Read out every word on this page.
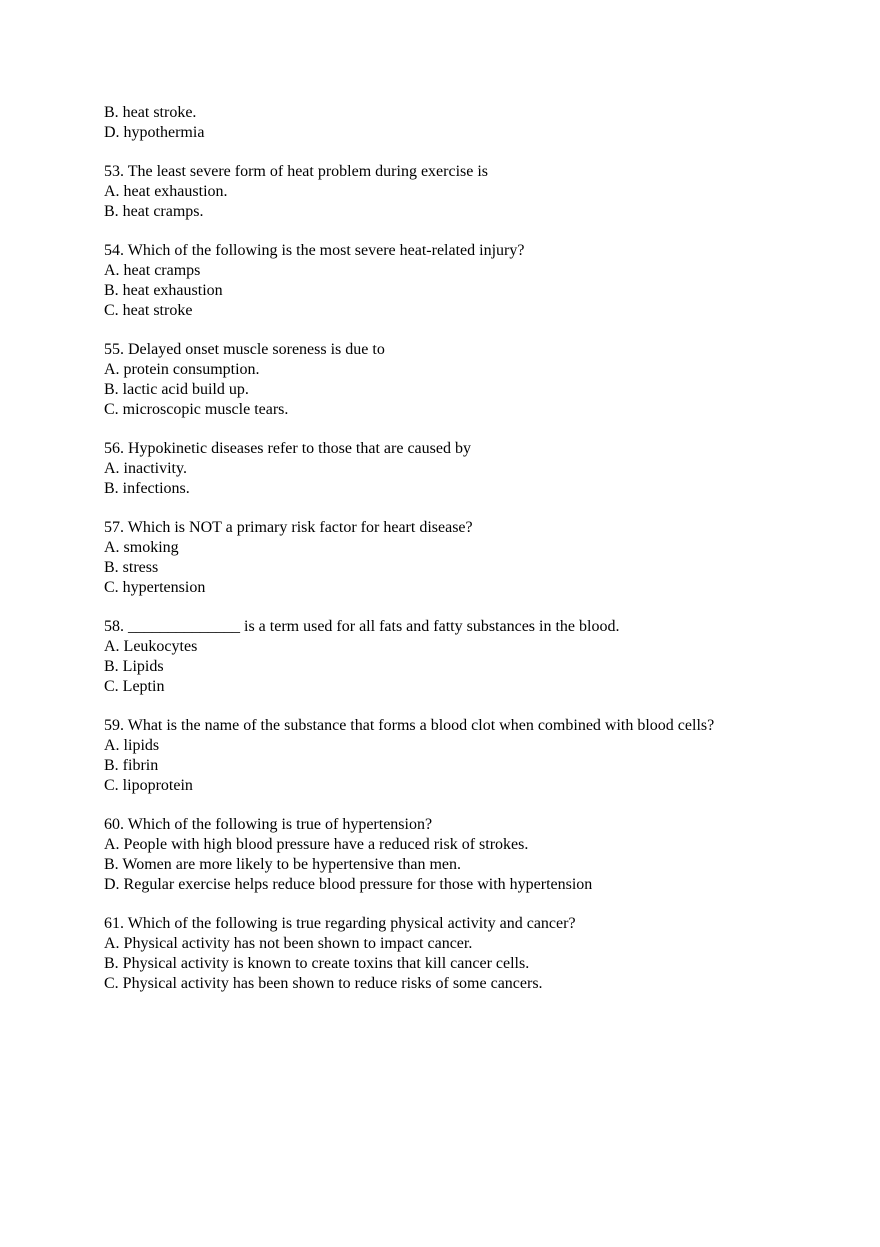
B. heat stroke.
D. hypothermia
53. The least severe form of heat problem during exercise is
A. heat exhaustion.
B. heat cramps.
54. Which of the following is the most severe heat-related injury?
A. heat cramps
B. heat exhaustion
C. heat stroke
55. Delayed onset muscle soreness is due to
A. protein consumption.
B. lactic acid build up.
C. microscopic muscle tears.
56. Hypokinetic diseases refer to those that are caused by
A. inactivity.
B. infections.
57. Which is NOT a primary risk factor for heart disease?
A. smoking
B. stress
C. hypertension
58. ______________ is a term used for all fats and fatty substances in the blood.
A. Leukocytes
B. Lipids
C. Leptin
59. What is the name of the substance that forms a blood clot when combined with blood cells?
A. lipids
B. fibrin
C. lipoprotein
60. Which of the following is true of hypertension?
A. People with high blood pressure have a reduced risk of strokes.
B. Women are more likely to be hypertensive than men.
D. Regular exercise helps reduce blood pressure for those with hypertension
61. Which of the following is true regarding physical activity and cancer?
A. Physical activity has not been shown to impact cancer.
B. Physical activity is known to create toxins that kill cancer cells.
C. Physical activity has been shown to reduce risks of some cancers.
